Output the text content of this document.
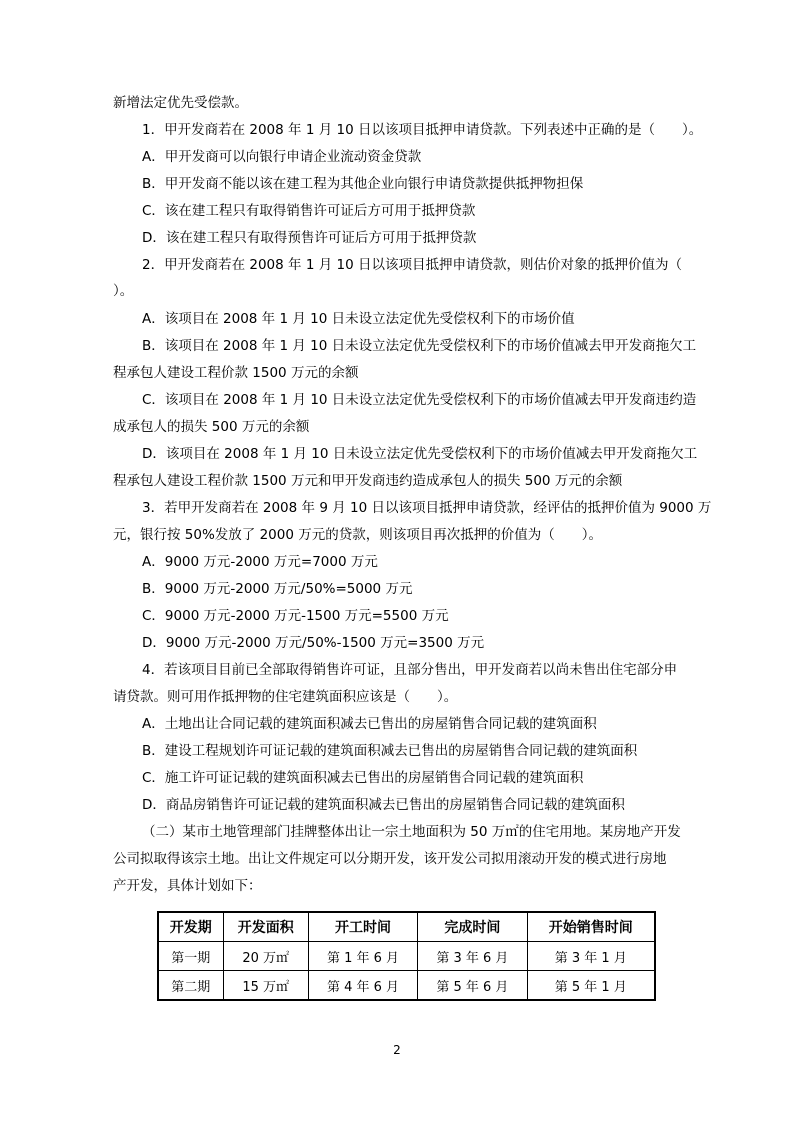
新增法定优先受偿款。
1．甲开发商若在 2008 年 1 月 10 日以该项目抵押申请贷款。下列表述中正确的是（　　）。
A．甲开发商可以向银行申请企业流动资金贷款
B．甲开发商不能以该在建工程为其他企业向银行申请贷款提供抵押物担保
C．该在建工程只有取得销售许可证后方可用于抵押贷款
D．该在建工程只有取得预售许可证后方可用于抵押贷款
2．甲开发商若在 2008 年 1 月 10 日以该项目抵押申请贷款，则估价对象的抵押价值为（
）。
A．该项目在 2008 年 1 月 10 日未设立法定优先受偿权利下的市场价值
B．该项目在 2008 年 1 月 10 日未设立法定优先受偿权利下的市场价值减去甲开发商拖欠工
程承包人建设工程价款 1500 万元的余额
C．该项目在 2008 年 1 月 10 日未设立法定优先受偿权利下的市场价值减去甲开发商违约造
成承包人的损失 500 万元的余额
D．该项目在 2008 年 1 月 10 日未设立法定优先受偿权利下的市场价值减去甲开发商拖欠工
程承包人建设工程价款 1500 万元和甲开发商违约造成承包人的损失 500 万元的余额
3．若甲开发商若在 2008 年 9 月 10 日以该项目抵押申请贷款，经评估的抵押价值为 9000 万
元，银行按 50%发放了 2000 万元的贷款，则该项目再次抵押的价值为（　　）。
A．9000 万元-2000 万元=7000 万元
B．9000 万元-2000 万元/50%=5000 万元
C．9000 万元-2000 万元-1500 万元=5500 万元
D．9000 万元-2000 万元/50%-1500 万元=3500 万元
4．若该项目目前已全部取得销售许可证，且部分售出，甲开发商若以尚未售出住宅部分申
请贷款。则可用作抵押物的住宅建筑面积应该是（　　）。
A．土地出让合同记载的建筑面积减去已售出的房屋销售合同记载的建筑面积
B．建设工程规划许可证记载的建筑面积减去已售出的房屋销售合同记载的建筑面积
C．施工许可证记载的建筑面积减去已售出的房屋销售合同记载的建筑面积
D．商品房销售许可证记载的建筑面积减去已售出的房屋销售合同记载的建筑面积
（二）某市土地管理部门挂牌整体出让一宗土地面积为 50 万㎡的住宅用地。某房地产开发
公司拟取得该宗土地。出让文件规定可以分期开发，该开发公司拟用滚动开发的模式进行房地
产开发，具体计划如下：
开发期	开发面积	开工时间	完成时间	开始销售时间
第一期	20 万㎡	第 1 年 6 月	第 3 年 6 月	第 3 年 1 月
第二期	15 万㎡	第 4 年 6 月	第 5 年 6 月	第 5 年 1 月
2
